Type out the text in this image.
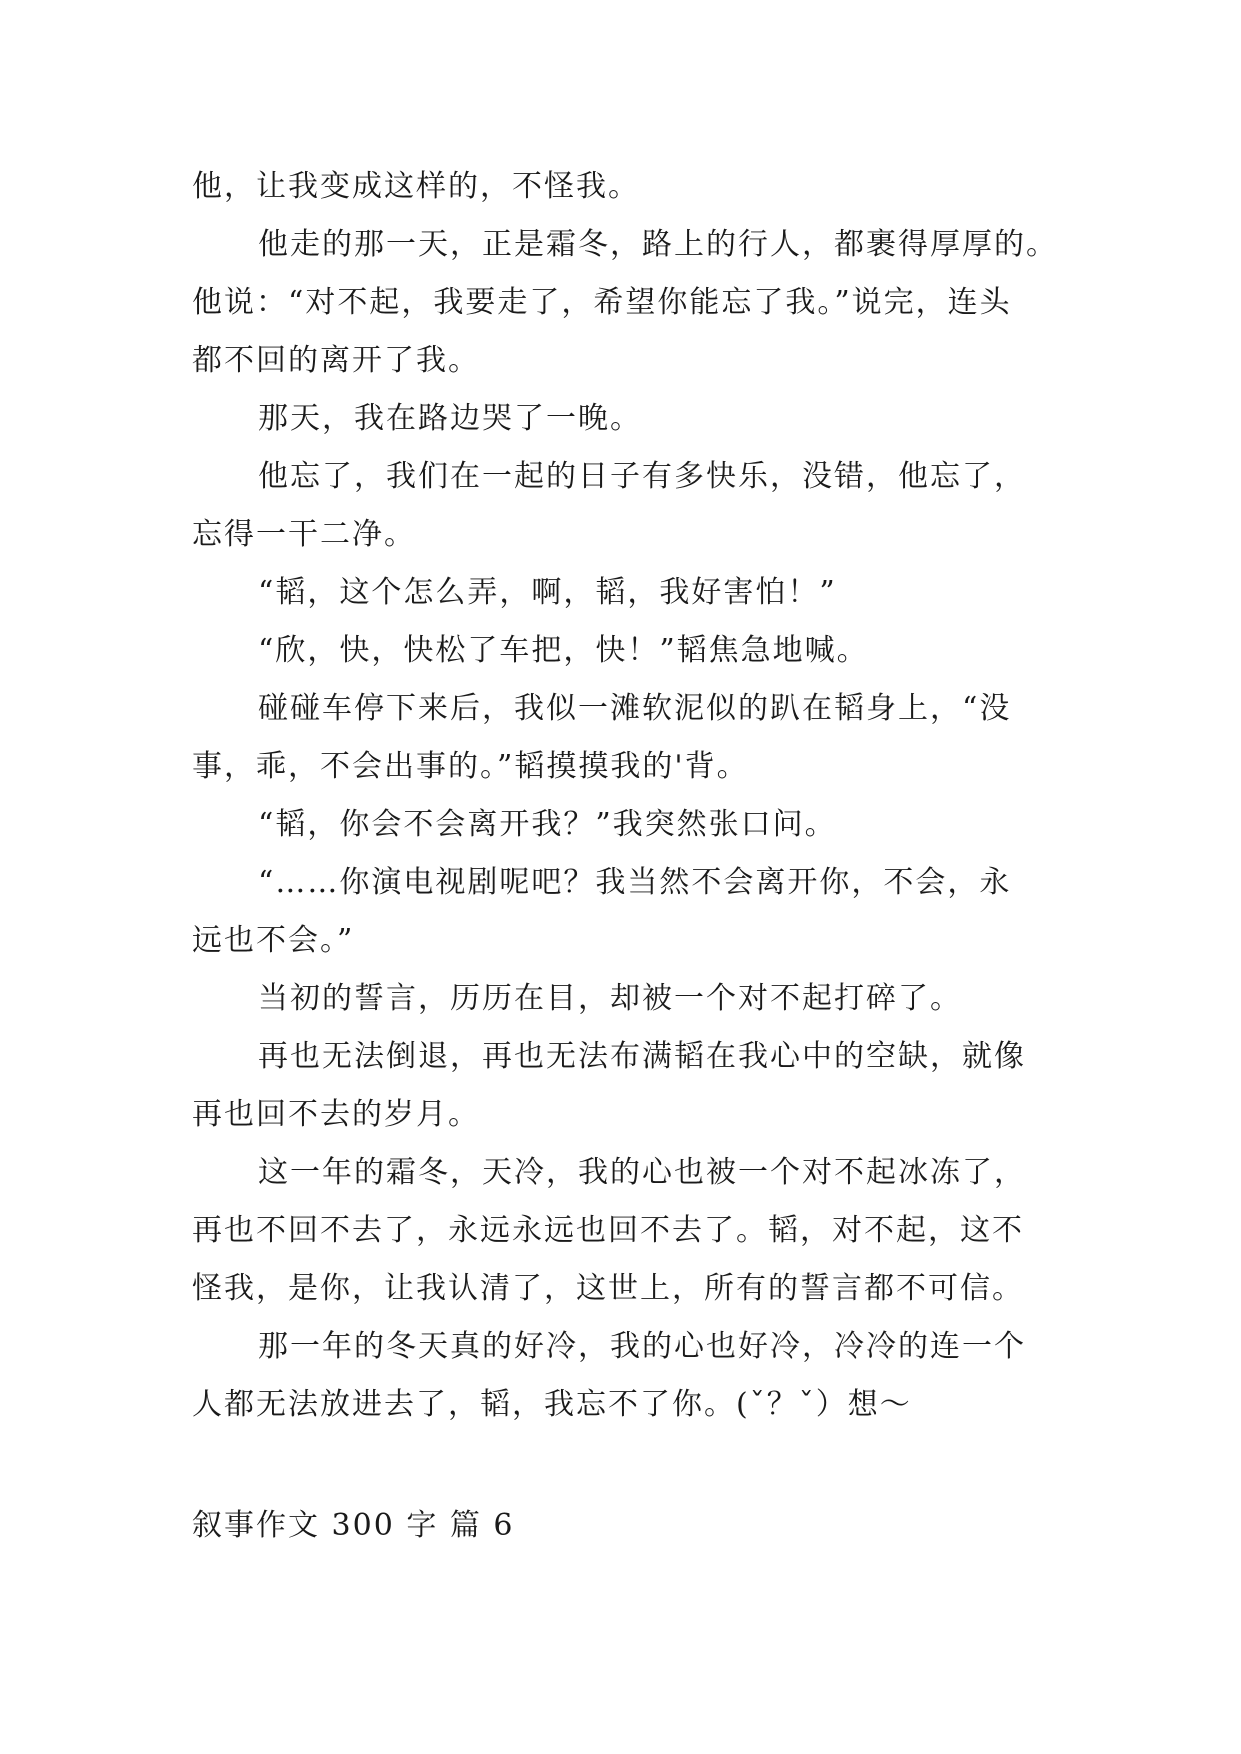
他，让我变成这样的，不怪我。
他走的那一天，正是霜冬，路上的行人，都裹得厚厚的。
他说：“对不起，我要走了，希望你能忘了我。”说完，连头
都不回的离开了我。
那天，我在路边哭了一晚。
他忘了，我们在一起的日子有多快乐，没错，他忘了，
忘得一干二净。
“韬，这个怎么弄，啊，韬，我好害怕！”
“欣，快，快松了车把，快！”韬焦急地喊。
碰碰车停下来后，我似一滩软泥似的趴在韬身上，“没
事，乖，不会出事的。”韬摸摸我的'背。
“韬，你会不会离开我？”我突然张口问。
“……你演电视剧呢吧？我当然不会离开你，不会，永
远也不会。”
当初的誓言，历历在目，却被一个对不起打碎了。
再也无法倒退，再也无法布满韬在我心中的空缺，就像
再也回不去的岁月。
这一年的霜冬，天冷，我的心也被一个对不起冰冻了，
再也不回不去了，永远永远也回不去了。韬，对不起，这不
怪我，是你，让我认清了，这世上，所有的誓言都不可信。
那一年的冬天真的好冷，我的心也好冷，冷冷的连一个
人都无法放进去了，韬，我忘不了你。(ˇ？ˇ）想～
叙事作文 300 字 篇 6
